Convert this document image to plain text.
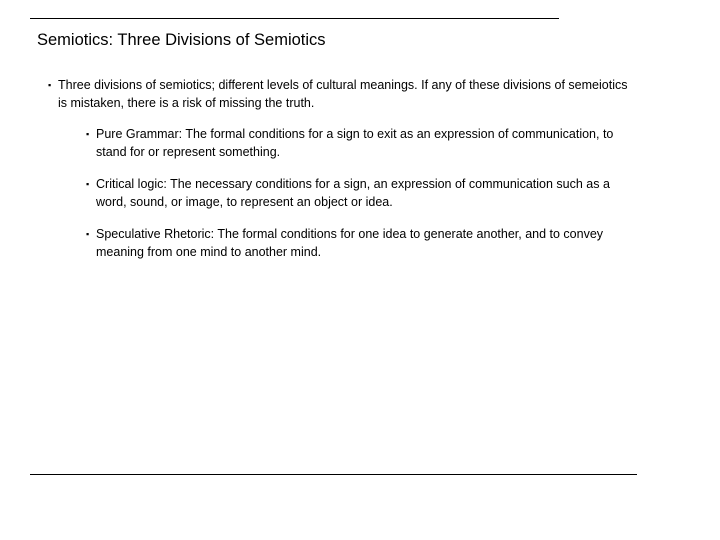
Semiotics: Three Divisions of Semiotics
▪ Three divisions of semiotics; different levels of cultural meanings. If any of these divisions of semeiotics is mistaken, there is a risk of missing the truth.
▪ Pure Grammar: The formal conditions for a sign to exit as an expression of communication, to stand for or represent something.
▪ Critical logic: The necessary conditions for a sign, an expression of communication such as a word, sound, or image, to represent an object or idea.
▪ Speculative Rhetoric: The formal conditions for one idea to generate another, and to convey meaning from one mind to another mind.
